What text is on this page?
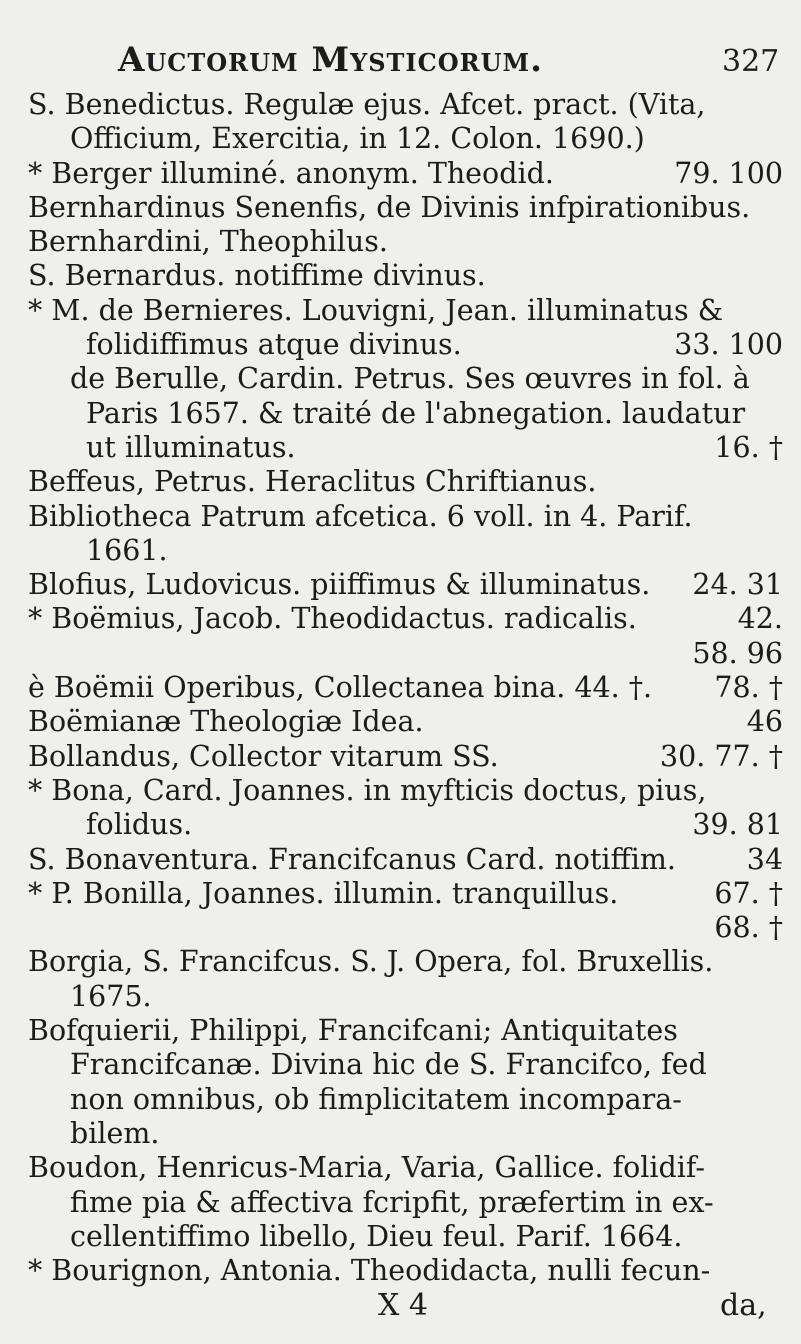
Auctorum Mysticorum.	327
S. Benedictus. Regulæ ejus. Afcet. pract. (Vita,
Officium, Exercitia, in 12. Colon. 1690.)
* Berger illuminé. anonym. Theodid.	79. 100
Bernhardinus Senenfis, de Divinis infpirationibus.
Bernhardini, Theophilus.
S. Bernardus. notiffime divinus.
* M. de Bernieres. Louvigni, Jean. illuminatus &
folidiffimus atque divinus.	33. 100
de Berulle, Cardin. Petrus. Ses œuvres in fol. à
Paris 1657. & traité de l'abnegation. laudatur
ut illuminatus.	16. †
Beffeus, Petrus. Heraclitus Chriftianus.
Bibliotheca Patrum afcetica. 6 voll. in 4. Parif.
1661.
Blofius, Ludovicus. piiffimus & illuminatus. 24. 31
* Boëmius, Jacob. Theodidactus. radicalis.	42.
58. 96
è Boëmii Operibus, Collectanea bina. 44. †. 78. †
Boëmianæ Theologiæ Idea.	46
Bollandus, Collector vitarum SS.	30. 77. †
* Bona, Card. Joannes. in myfticis doctus, pius,
folidus.	39. 81
S. Bonaventura. Francifcanus Card. notiffim. 34
* P. Bonilla, Joannes. illumin. tranquillus.	67. †
68. †
Borgia, S. Francifcus. S. J. Opera, fol. Bruxellis.
1675.
Bofquierii, Philippi, Francifcani; Antiquitates
Francifcanæ. Divina hic de S. Francifco, fed
non omnibus, ob fimplicitatem incompara-
bilem.
Boudon, Henricus-Maria, Varia, Gallice. folidif-
fime pia & affectiva fcripfit, præfertim in ex-
cellentiffimo libello, Dieu feul. Parif. 1664.
* Bourignon, Antonia. Theodidacta, nulli fecun-
X 4	da,
